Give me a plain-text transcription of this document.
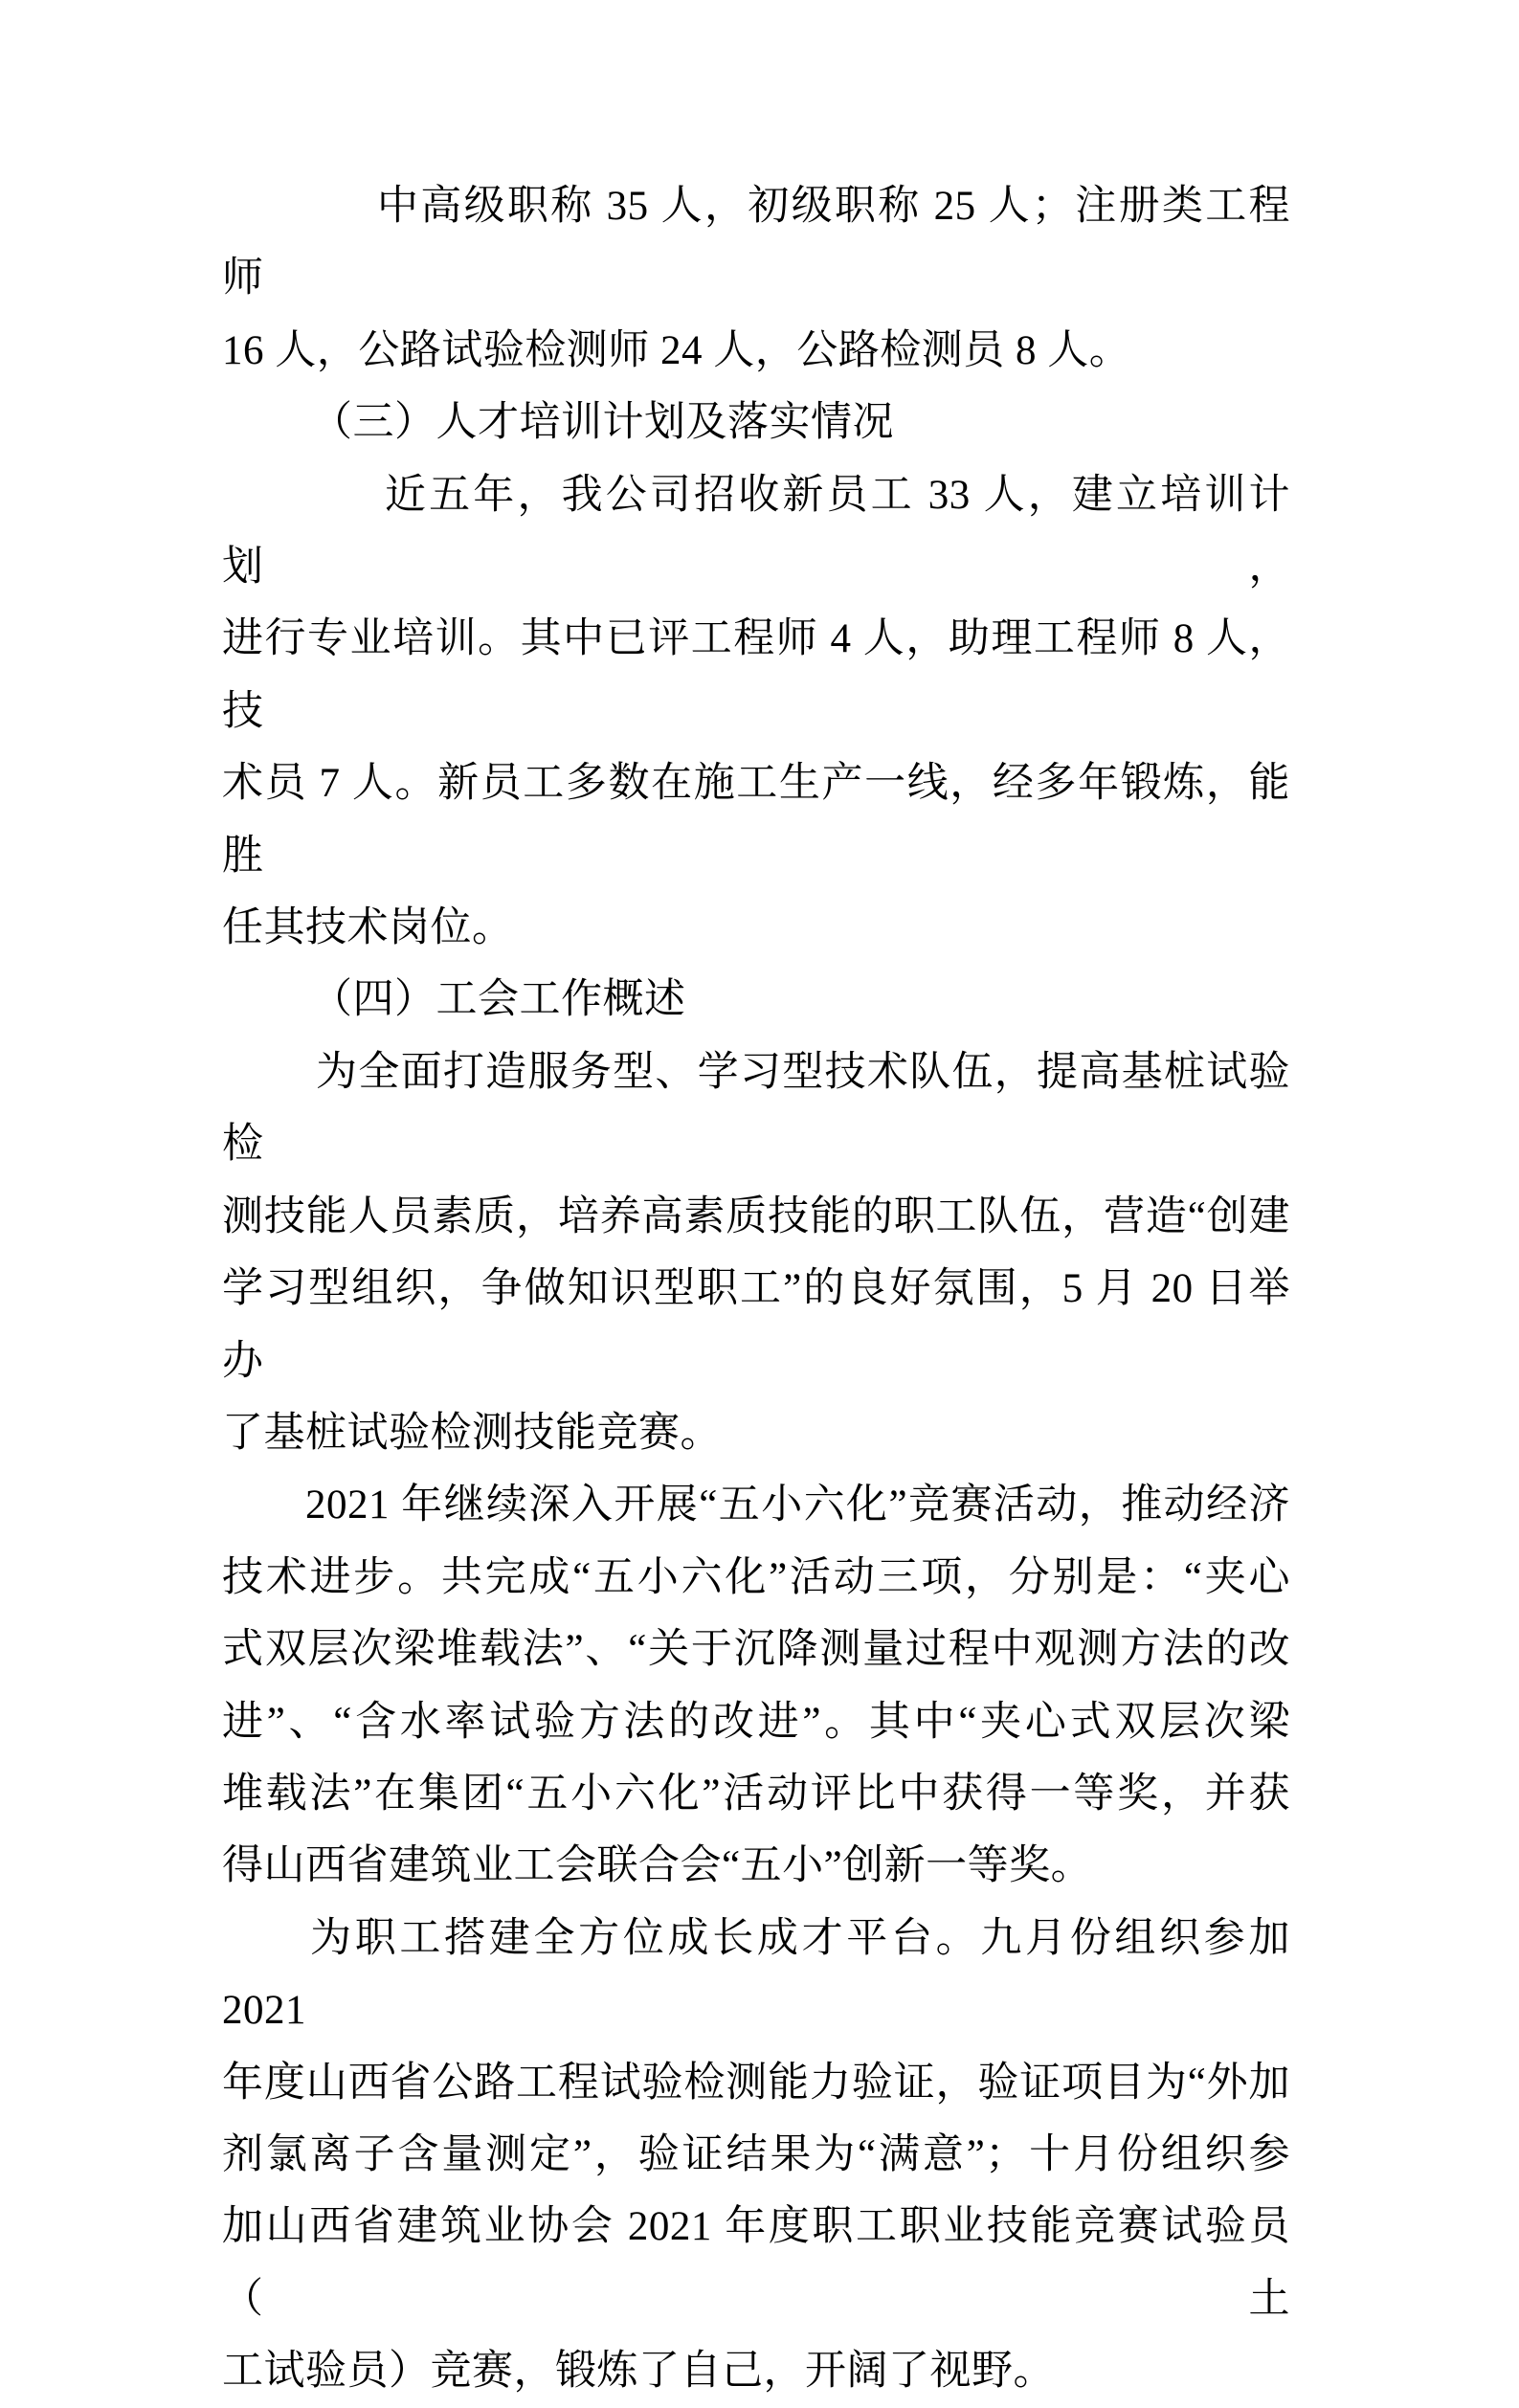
中高级职称 35 人，初级职称 25 人；注册类工程师
16 人，公路试验检测师 24 人，公路检测员 8 人。
（三）人才培训计划及落实情况
近五年，我公司招收新员工 33 人，建立培训计划，
进行专业培训。其中已评工程师 4 人，助理工程师 8 人，技
术员 7 人。新员工多数在施工生产一线，经多年锻炼，能胜
任其技术岗位。
（四）工会工作概述
为全面打造服务型、学习型技术队伍，提高基桩试验检
测技能人员素质，培养高素质技能的职工队伍，营造“创建
学习型组织，争做知识型职工”的良好氛围，5 月 20 日举办
了基桩试验检测技能竞赛。
2021 年继续深入开展“五小六化”竞赛活动，推动经济
技术进步。共完成“五小六化”活动三项，分别是：“夹心
式双层次梁堆载法”、“关于沉降测量过程中观测方法的改
进”、“含水率试验方法的改进”。其中“夹心式双层次梁
堆载法”在集团“五小六化”活动评比中获得一等奖，并获
得山西省建筑业工会联合会“五小”创新一等奖。
为职工搭建全方位成长成才平台。九月份组织参加 2021
年度山西省公路工程试验检测能力验证，验证项目为“外加
剂氯离子含量测定”，验证结果为“满意”；十月份组织参
加山西省建筑业协会 2021 年度职工职业技能竞赛试验员（土
工试验员）竞赛，锻炼了自己，开阔了视野。
